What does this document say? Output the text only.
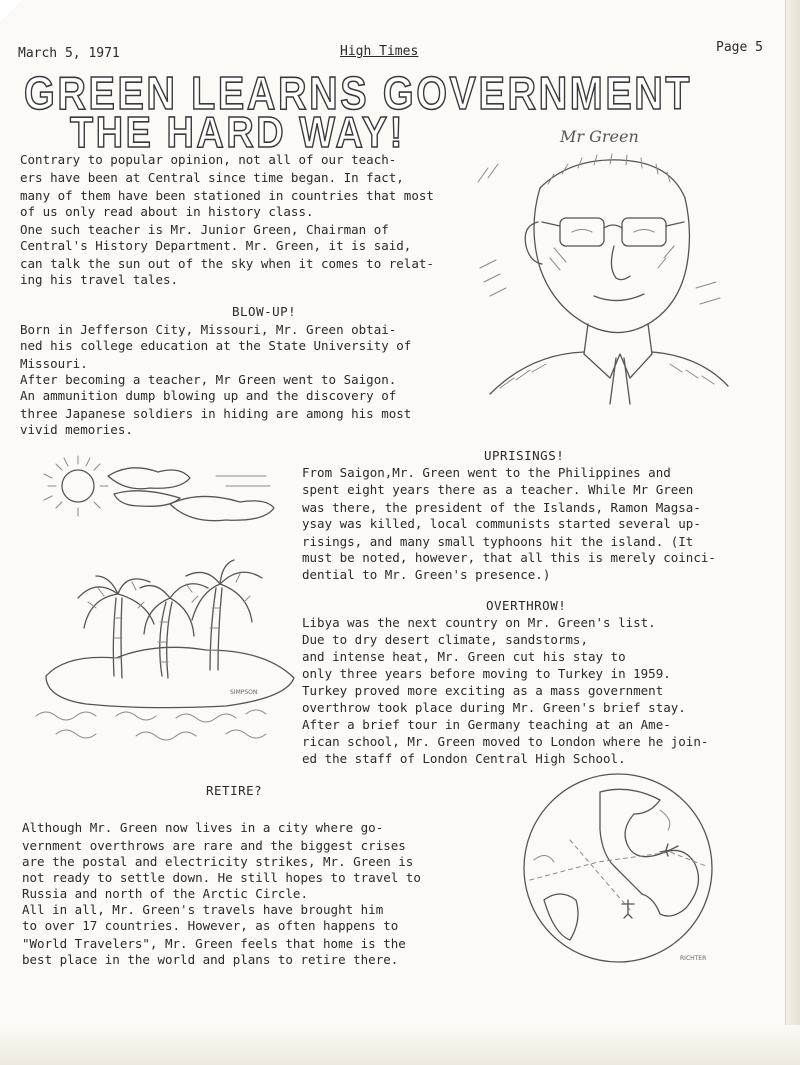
March 5, 1971	High Times	Page 5
GREEN LEARNS GOVERNMENT
THE HARD WAY!
Contrary to popular opinion, not all of our teach-
ers have been at Central since time began. In fact,
many of them have been stationed in countries that most
of us only read about in history class.
One such teacher is Mr. Junior Green, Chairman of
Central's History Department. Mr. Green, it is said,
can talk the sun out of the sky when it comes to relat-
ing his travel tales.
BLOW-UP!
Born in Jefferson City, Missouri, Mr. Green obtai-
ned his college education at the State University of
Missouri.
After becoming a teacher, Mr Green went to Saigon.
An ammunition dump blowing up and the discovery of
three Japanese soldiers in hiding are among his most
vivid memories.
UPRISINGS!
From Saigon,Mr. Green went to the Philippines and
spent eight years there as a teacher. While Mr Green
was there, the president of the Islands, Ramon Magsa-
ysay was killed, local communists started several up-
risings, and many small typhoons hit the island. (It
must be noted, however, that all this is merely coinci-
dential to Mr. Green's presence.)
OVERTHROW!
Libya was the next country on Mr. Green's list.
Due to dry desert climate, sandstorms,
and intense heat, Mr. Green cut his stay to
only three years before moving to Turkey in 1959.
Turkey proved more exciting as a mass government
overthrow took place during Mr. Green's brief stay.
After a brief tour in Germany teaching at an Ame-
rican school, Mr. Green moved to London where he join-
ed the staff of London Central High School.
RETIRE?
Although Mr. Green now lives in a city where go-
vernment overthrows are rare and the biggest crises
are the postal and electricity strikes, Mr. Green is
not ready to settle down. He still hopes to travel to
Russia and north of the Arctic Circle.
All in all, Mr. Green's travels have brought him
to over 17 countries. However, as often happens to
"World Travelers", Mr. Green feels that home is the
best place in the world and plans to retire there.
Mr Green
SIMPSON
RICHTER
